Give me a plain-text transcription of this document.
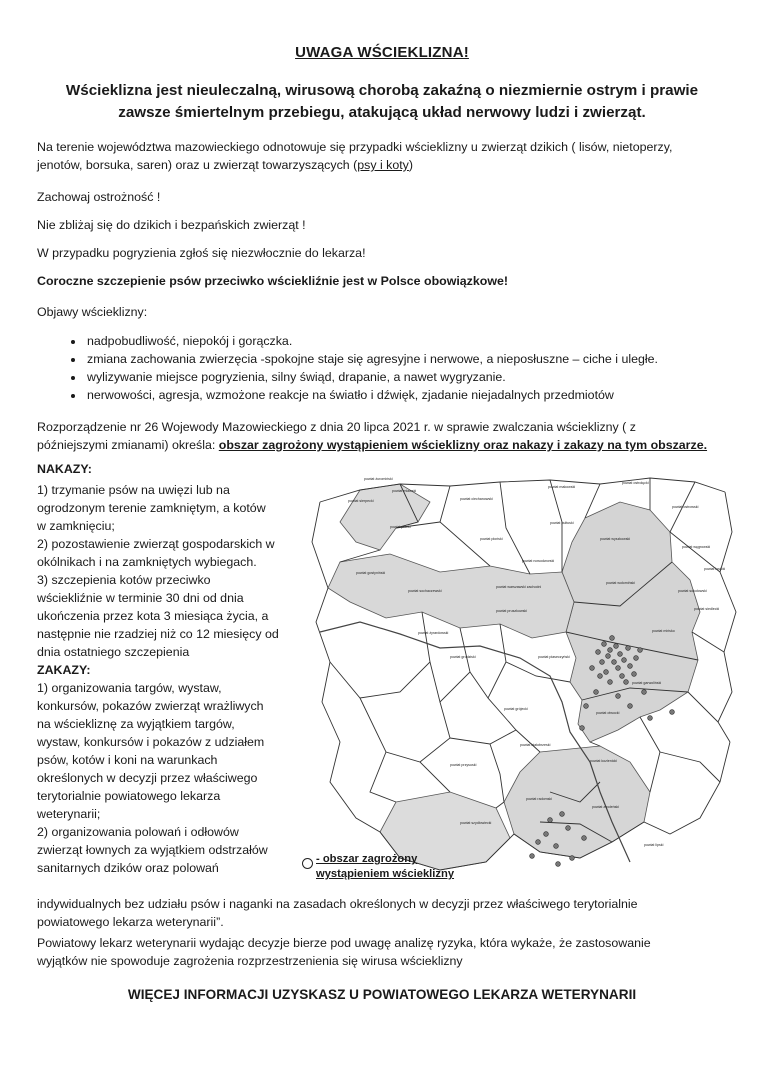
UWAGA WŚCIEKLIZNA!
Wścieklizna jest nieuleczalną, wirusową chorobą zakaźną o niezmiernie ostrym i prawie
zawsze śmiertelnym przebiegu, atakującą układ nerwowy ludzi i zwierząt.
Na terenie województwa mazowieckiego odnotowuje się przypadki wścieklizny u zwierząt dzikich ( lisów, nietoperzy,
jenotów, borsuka, saren) oraz u zwierząt towarzyszących (psy i koty)
Zachowaj ostrożność !
Nie zbliżaj się do dzikich i bezpańskich zwierząt !
W przypadku pogryzienia zgłoś się niezwłocznie do lekarza!
Coroczne szczepienie psów przeciwko wściekliźnie jest w Polsce obowiązkowe!
Objawy wścieklizny:
• nadpobudliwość, niepokój i gorączka.
• zmiana zachowania zwierzęcia -spokojne staje się agresyjne i nerwowe, a nieposłuszne – ciche i uległe.
• wylizywanie miejsce pogryzienia, silny świąd, drapanie, a nawet wygryzanie.
• nerwowości, agresja, wzmożone reakcje na światło i dźwięk, zjadanie niejadalnych przedmiotów
Rozporządzenie nr 26 Wojewody Mazowieckiego z dnia 20 lipca 2021 r. w sprawie zwalczania wścieklizny ( z
późniejszymi zmianami) określa: obszar zagrożony wystąpieniem wścieklizny oraz nakazy i zakazy na tym obszarze.
NAKAZY:
1) trzymanie psów na uwięzi lub na
ogrodzonym terenie zamkniętym, a kotów
w zamknięciu;
2) pozostawienie zwierząt gospodarskich w
okólnikach i na zamkniętych wybiegach.
3) szczepienia kotów przeciwko
wściekliźnie w terminie 30 dni od dnia
ukończenia przez kota 3 miesiąca życia, a
następnie nie rzadziej niż co 12 miesięcy od
dnia ostatniego szczepienia
ZAKAZY:
1) organizowania targów, wystaw,
konkursów, pokazów zwierząt wrażliwych
na wściekliznę za wyjątkiem targów,
wystaw, konkursów i pokazów z udziałem
psów, kotów i koni na warunkach
określonych w decyzji przez właściwego
terytorialnie powiatowego lekarza
weterynarii;
2) organizowania polowań i odłowów
zwierząt łownych za wyjątkiem odstrzałów
sanitarnych dzików oraz polowań
powiat żuromiński
powiat mławski
powiat makowski
powiat ostrołęcki
powiat sierpecki	powiat ciechanowski
powiat ostrowski
powiat pułtuski
powiat płocki
powiat wyszkowski
powiat węgrowski
powiat płoński
powiat nowodworski
powiat wołomiński
powiat sokołowski
powiat gostyniński
powiat sochaczewski
powiat warszawski zachodni
powiat mińsko
powiat pruszkowski
powiat piaseczyński
powiat żyrardowski
powiat garwoliński
powiat grójecki
powiat grodziski
powiat otwocki
powiat białobrzeski
powiat kozienicki
powiat przysuski
powiat radomski
powiat szydłowiecki
powiat zwoleński
powiat lipski
powiat siedlecki
powiat łosicki
- obszar zagrożony
wystąpieniem wścieklizny
indywidualnych bez udziału psów i naganki na zasadach określonych w decyzji przez właściwego terytorialnie
powiatowego lekarza weterynarii”.
Powiatowy lekarz weterynarii wydając decyzje bierze pod uwagę analizę ryzyka, która wykaże, że zastosowanie
wyjątków nie spowoduje zagrożenia rozprzestrzenienia się wirusa wścieklizny
WIĘCEJ INFORMACJI UZYSKASZ U POWIATOWEGO LEKARZA WETERYNARII
